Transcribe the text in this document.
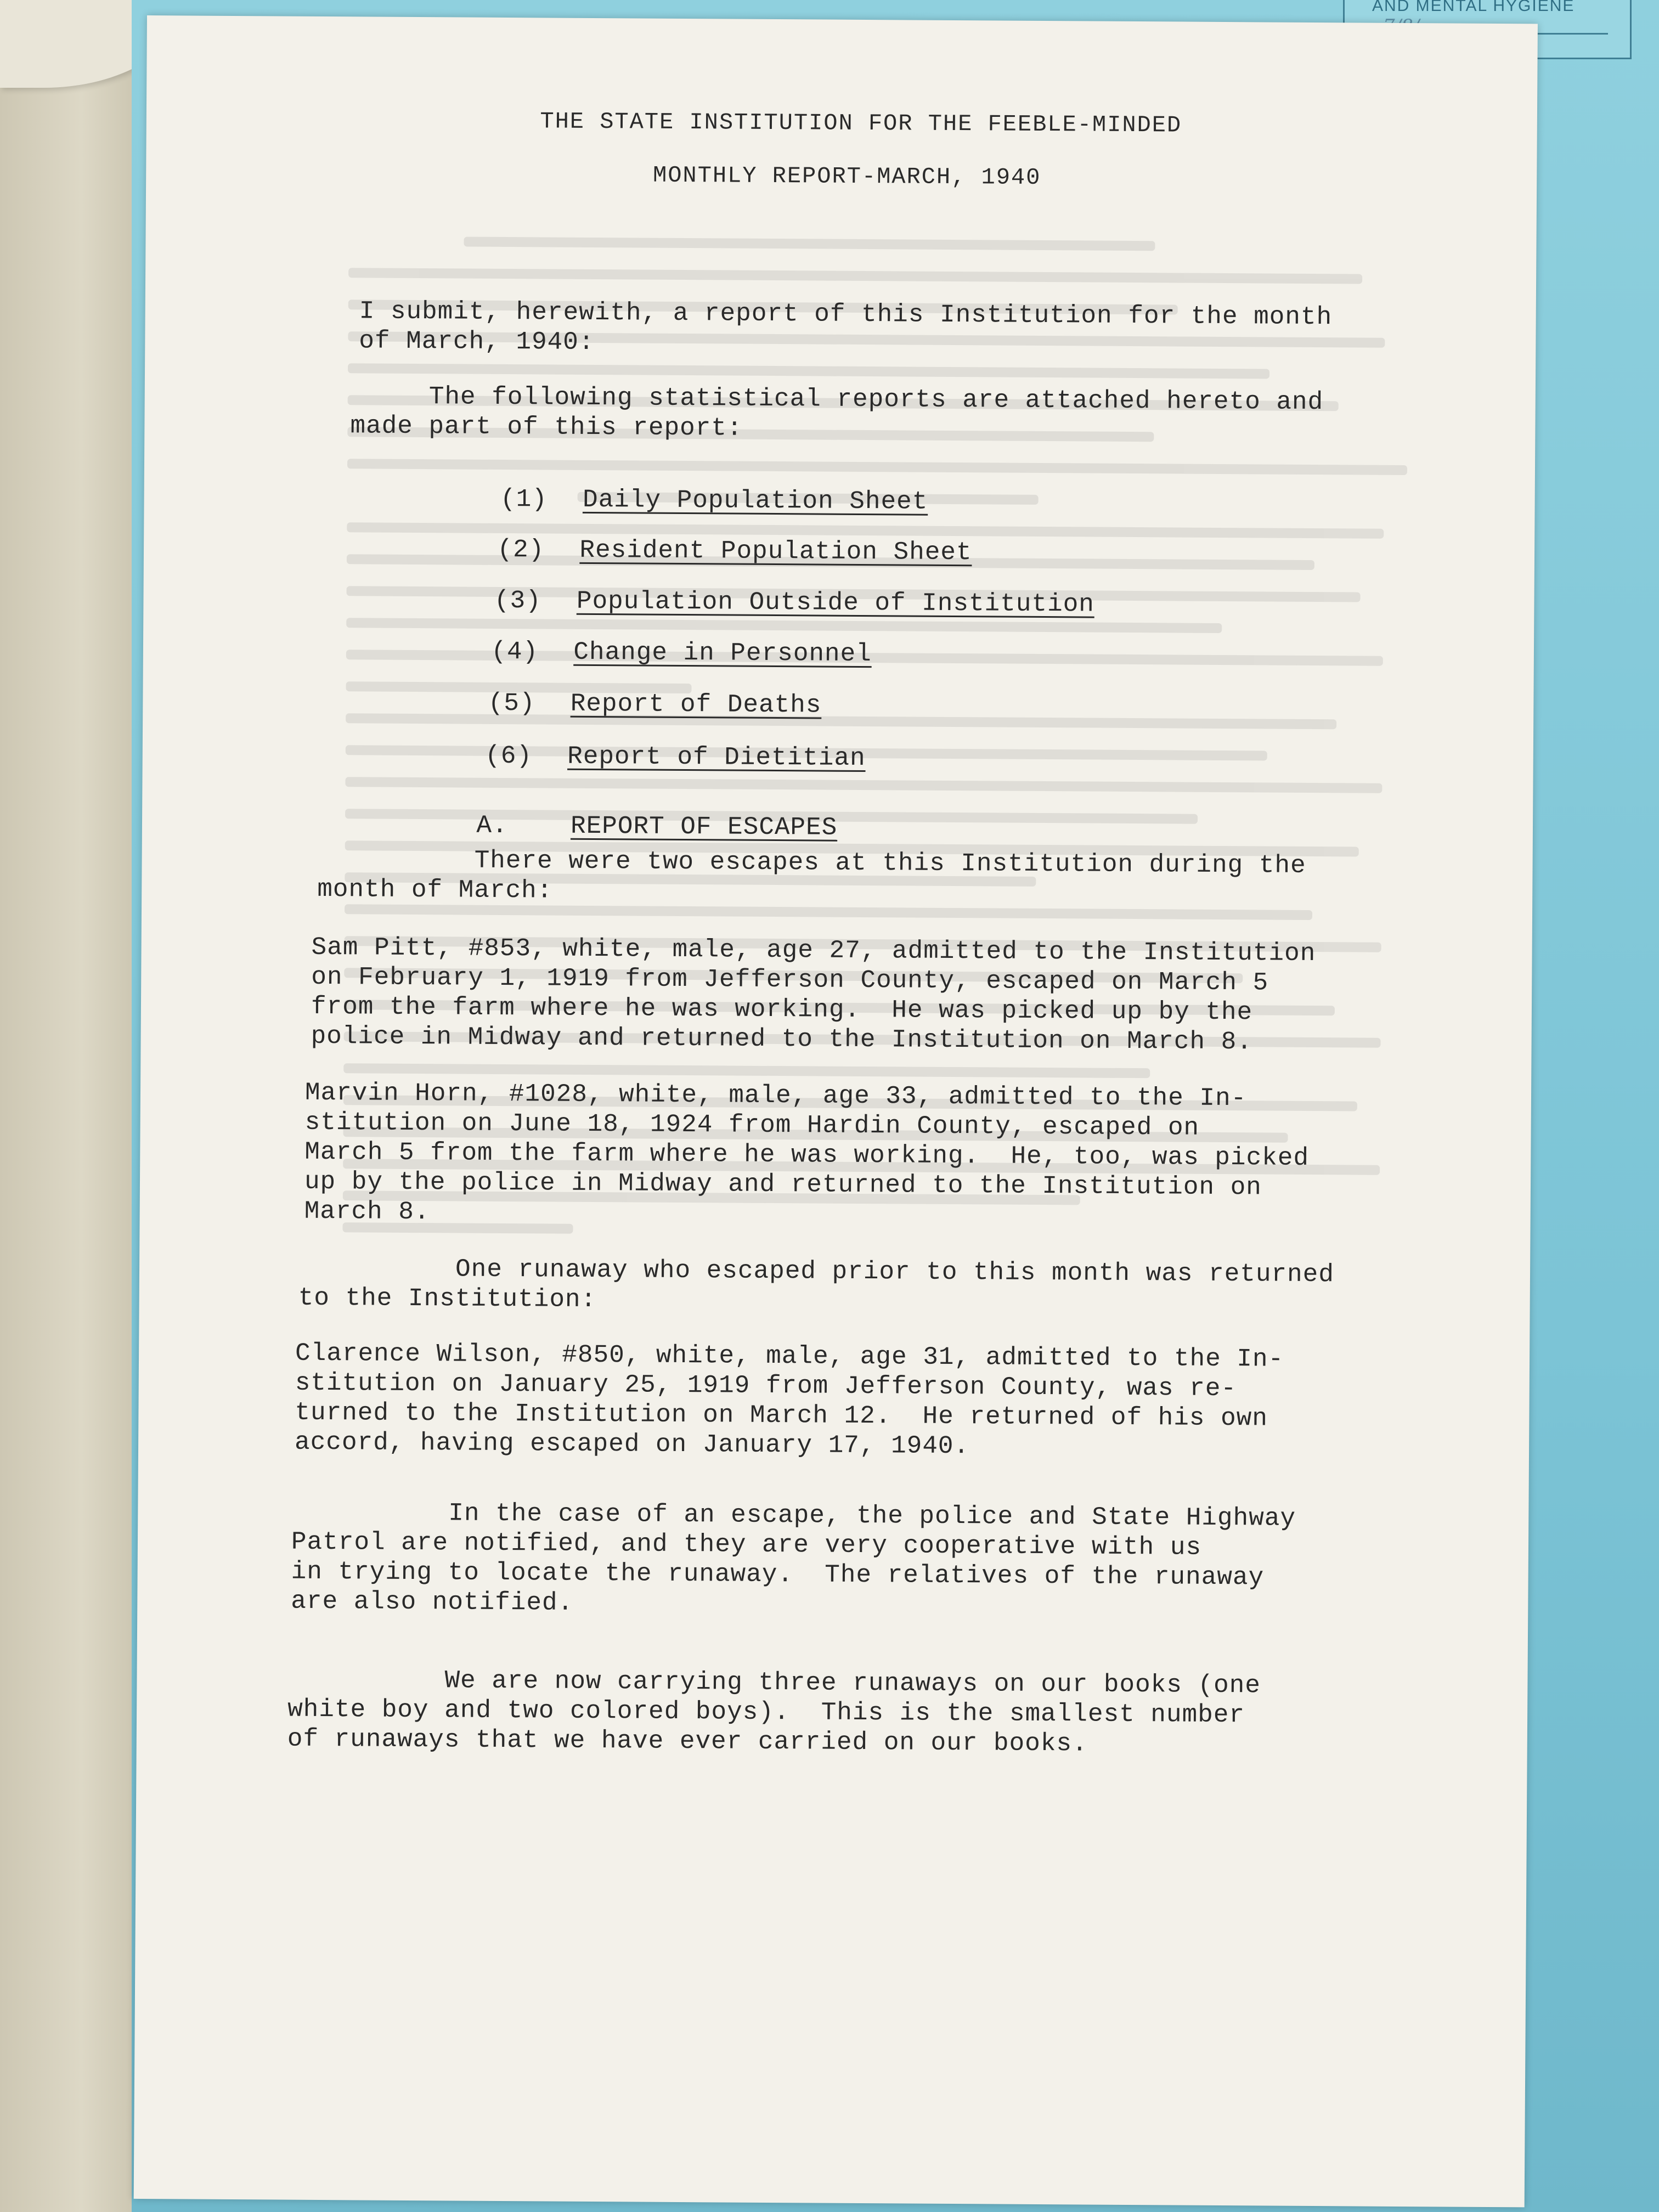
AND MENTAL HYGIENE
THE STATE INSTITUTION FOR THE FEEBLE-MINDED
MONTHLY REPORT-MARCH, 1940
I submit, herewith, a report of this Institution for the month
of March, 1940:
The following statistical reports are attached hereto and
made part of this report:

(1) Daily Population Sheet

(2) Resident Population Sheet

(3) Population Outside of Institution

(4) Change in Personnel

(5) Report of Deaths

(6) Report of Dietitian

A. REPORT OF ESCAPES

There were two escapes at this Institution during the
month of March:
Sam Pitt, #853, white, male, age 27, admitted to the Institution
on February 1, 1919 from Jefferson County, escaped on March 5
from the farm where he was working.  He was picked up by the
police in Midway and returned to the Institution on March 8.
Marvin Horn, #1028, white, male, age 33, admitted to the In-
stitution on June 18, 1924 from Hardin County, escaped on
March 5 from the farm where he was working.  He, too, was picked
up by the police in Midway and returned to the Institution on
March 8.
One runaway who escaped prior to this month was returned
to the Institution:
Clarence Wilson, #850, white, male, age 31, admitted to the In-
stitution on January 25, 1919 from Jefferson County, was re-
turned to the Institution on March 12.  He returned of his own
accord, having escaped on January 17, 1940.
In the case of an escape, the police and State Highway
Patrol are notified, and they are very cooperative with us
in trying to locate the runaway.  The relatives of the runaway
are also notified.
We are now carrying three runaways on our books (one
white boy and two colored boys).  This is the smallest number
of runaways that we have ever carried on our books.
